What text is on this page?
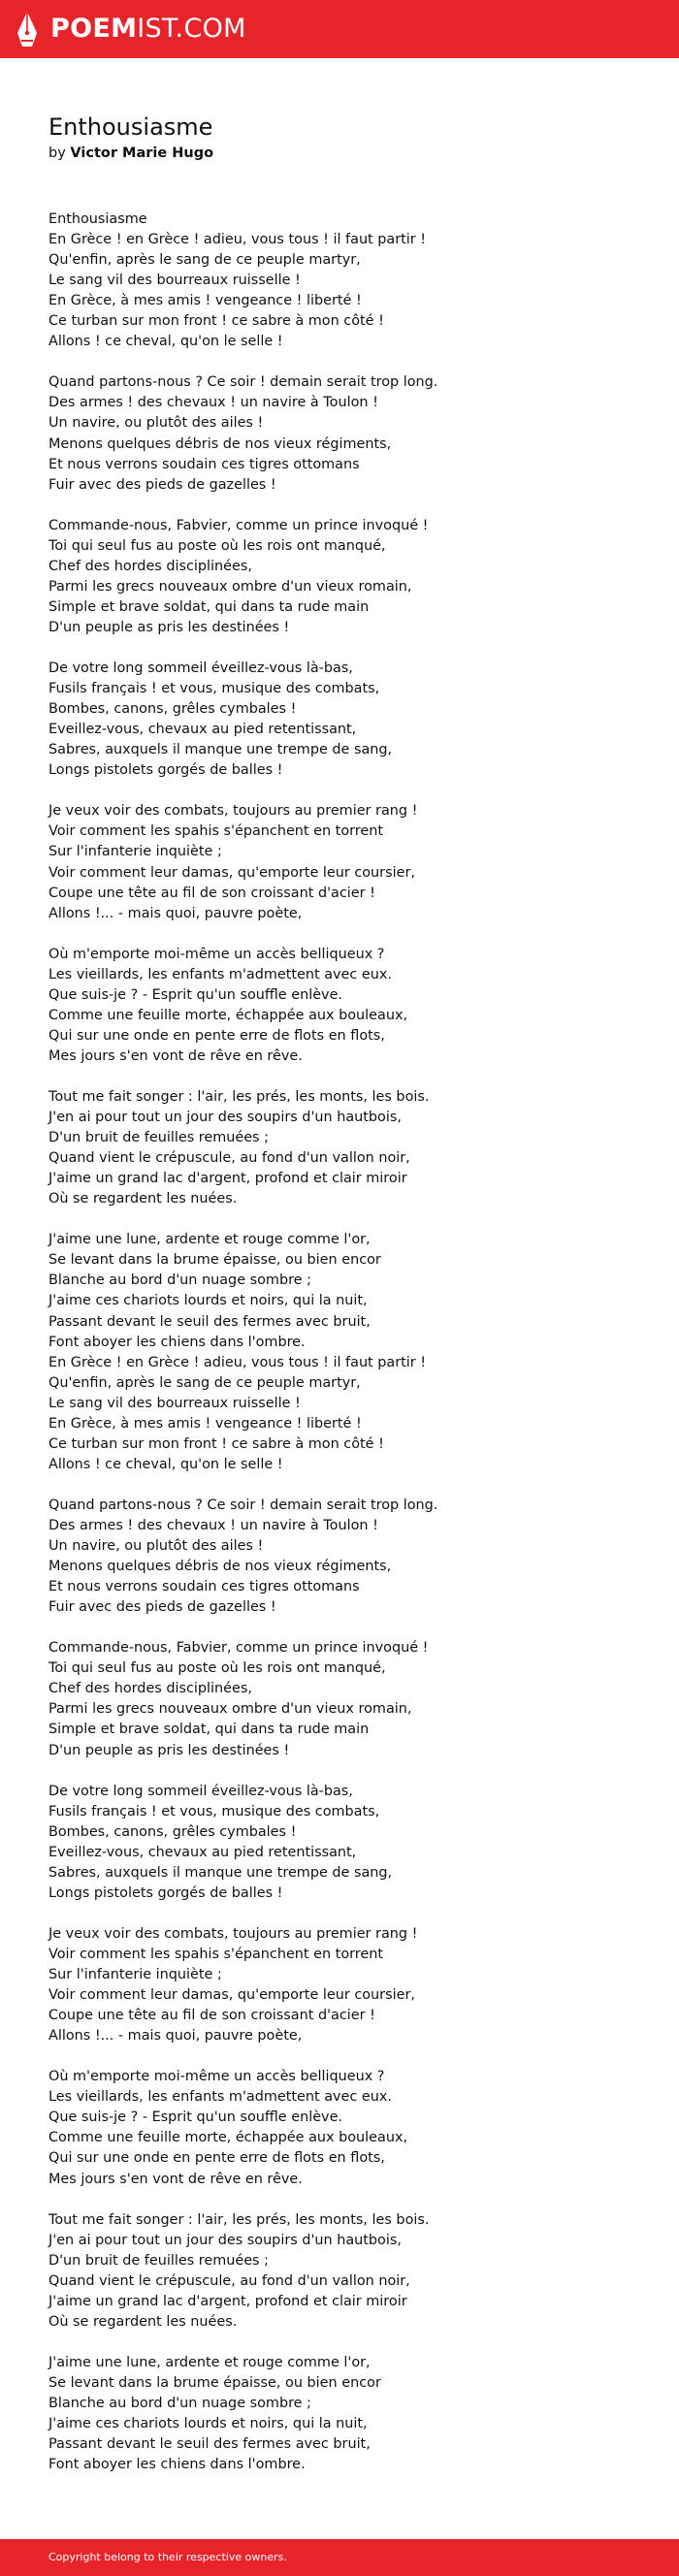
POEMIST.COM
Enthousiasme
by Victor Marie Hugo
Enthousiasme
En Grèce ! en Grèce ! adieu, vous tous ! il faut partir !
Qu'enfin, après le sang de ce peuple martyr,
Le sang vil des bourreaux ruisselle !
En Grèce, à mes amis ! vengeance ! liberté !
Ce turban sur mon front ! ce sabre à mon côté !
Allons ! ce cheval, qu'on le selle !
Quand partons-nous ? Ce soir ! demain serait trop long.
Des armes ! des chevaux ! un navire à Toulon !
Un navire, ou plutôt des ailes !
Menons quelques débris de nos vieux régiments,
Et nous verrons soudain ces tigres ottomans
Fuir avec des pieds de gazelles !
Commande-nous, Fabvier, comme un prince invoqué !
Toi qui seul fus au poste où les rois ont manqué,
Chef des hordes disciplinées,
Parmi les grecs nouveaux ombre d'un vieux romain,
Simple et brave soldat, qui dans ta rude main
D'un peuple as pris les destinées !
De votre long sommeil éveillez-vous là-bas,
Fusils français ! et vous, musique des combats,
Bombes, canons, grêles cymbales !
Eveillez-vous, chevaux au pied retentissant,
Sabres, auxquels il manque une trempe de sang,
Longs pistolets gorgés de balles !
Je veux voir des combats, toujours au premier rang !
Voir comment les spahis s'épanchent en torrent
Sur l'infanterie inquiète ;
Voir comment leur damas, qu'emporte leur coursier,
Coupe une tête au fil de son croissant d'acier !
Allons !... - mais quoi, pauvre poète,
Où m'emporte moi-même un accès belliqueux ?
Les vieillards, les enfants m'admettent avec eux.
Que suis-je ? - Esprit qu'un souffle enlève.
Comme une feuille morte, échappée aux bouleaux,
Qui sur une onde en pente erre de flots en flots,
Mes jours s'en vont de rêve en rêve.
Tout me fait songer : l'air, les prés, les monts, les bois.
J'en ai pour tout un jour des soupirs d'un hautbois,
D'un bruit de feuilles remuées ;
Quand vient le crépuscule, au fond d'un vallon noir,
J'aime un grand lac d'argent, profond et clair miroir
Où se regardent les nuées.
J'aime une lune, ardente et rouge comme l'or,
Se levant dans la brume épaisse, ou bien encor
Blanche au bord d'un nuage sombre ;
J'aime ces chariots lourds et noirs, qui la nuit,
Passant devant le seuil des fermes avec bruit,
Font aboyer les chiens dans l'ombre.
En Grèce ! en Grèce ! adieu, vous tous ! il faut partir !
Qu'enfin, après le sang de ce peuple martyr,
Le sang vil des bourreaux ruisselle !
En Grèce, à mes amis ! vengeance ! liberté !
Ce turban sur mon front ! ce sabre à mon côté !
Allons ! ce cheval, qu'on le selle !
Quand partons-nous ? Ce soir ! demain serait trop long.
Des armes ! des chevaux ! un navire à Toulon !
Un navire, ou plutôt des ailes !
Menons quelques débris de nos vieux régiments,
Et nous verrons soudain ces tigres ottomans
Fuir avec des pieds de gazelles !
Commande-nous, Fabvier, comme un prince invoqué !
Toi qui seul fus au poste où les rois ont manqué,
Chef des hordes disciplinées,
Parmi les grecs nouveaux ombre d'un vieux romain,
Simple et brave soldat, qui dans ta rude main
D'un peuple as pris les destinées !
De votre long sommeil éveillez-vous là-bas,
Fusils français ! et vous, musique des combats,
Bombes, canons, grêles cymbales !
Eveillez-vous, chevaux au pied retentissant,
Sabres, auxquels il manque une trempe de sang,
Longs pistolets gorgés de balles !
Je veux voir des combats, toujours au premier rang !
Voir comment les spahis s'épanchent en torrent
Sur l'infanterie inquiète ;
Voir comment leur damas, qu'emporte leur coursier,
Coupe une tête au fil de son croissant d'acier !
Allons !... - mais quoi, pauvre poète,
Où m'emporte moi-même un accès belliqueux ?
Les vieillards, les enfants m'admettent avec eux.
Que suis-je ? - Esprit qu'un souffle enlève.
Comme une feuille morte, échappée aux bouleaux,
Qui sur une onde en pente erre de flots en flots,
Mes jours s'en vont de rêve en rêve.
Tout me fait songer : l'air, les prés, les monts, les bois.
J'en ai pour tout un jour des soupirs d'un hautbois,
D'un bruit de feuilles remuées ;
Quand vient le crépuscule, au fond d'un vallon noir,
J'aime un grand lac d'argent, profond et clair miroir
Où se regardent les nuées.
J'aime une lune, ardente et rouge comme l'or,
Se levant dans la brume épaisse, ou bien encor
Blanche au bord d'un nuage sombre ;
J'aime ces chariots lourds et noirs, qui la nuit,
Passant devant le seuil des fermes avec bruit,
Font aboyer les chiens dans l'ombre.
Copyright belong to their respective owners.
